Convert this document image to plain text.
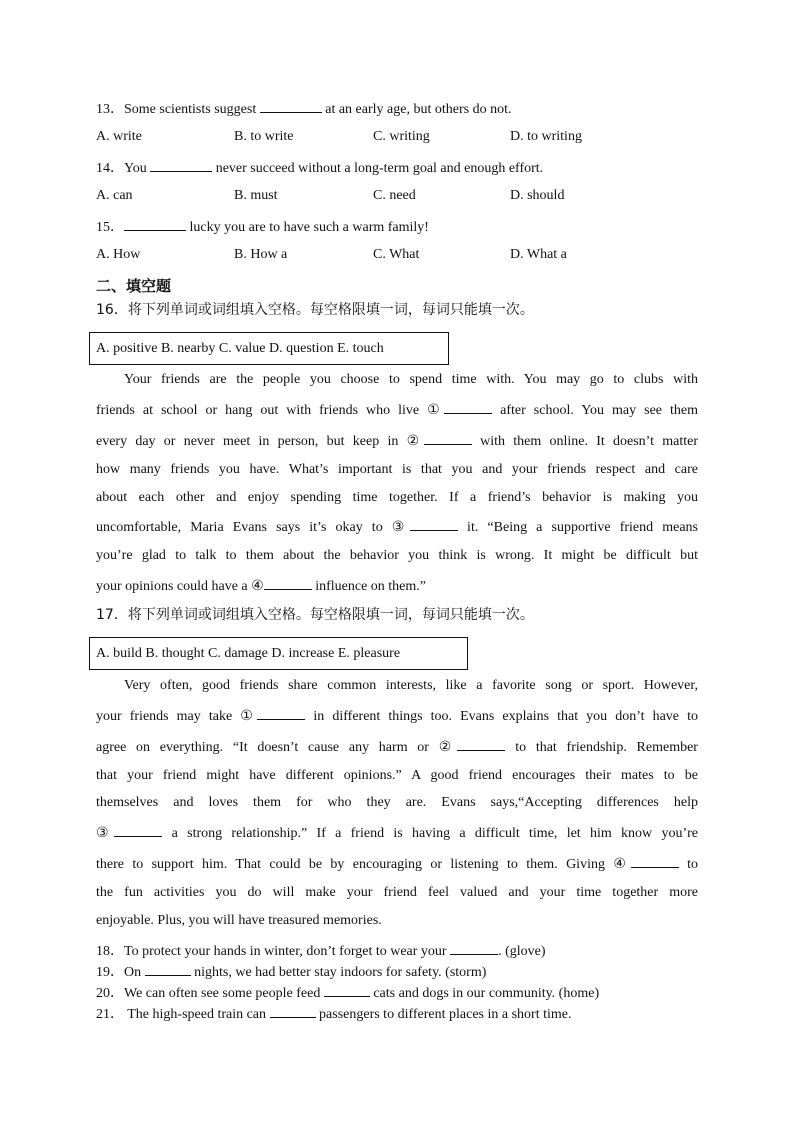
13．Some scientists suggest	at an early age, but others do not.
A. write	B. to write	C. writing	D. to writing
14．You	never succeed without a long-term goal and enough effort.
A. can	B. must	C. need	D. should
15．	lucky you are to have such a warm family!
A. How	B. How a	C. What	D. What a
二、填空题
16．将下列单词或词组填入空格。每空格限填一词，每词只能填一次。
A. positive B. nearby C. value D. question E. touch
Your friends are the people you choose to spend time with. You may go to clubs with
friends at school or hang out with friends who live ①	after school. You may see them
every day or never meet in person, but keep in ②	with them online. It doesn’t matter
how many friends you have. What’s important is that you and your friends respect and care
about each other and enjoy spending time together. If a friend’s behavior is making you
uncomfortable, Maria Evans says it’s okay to ③	it. “Being a supportive friend means
you’re glad to talk to them about the behavior you think is wrong. It might be difficult but
your opinions could have a ④	influence on them.”
17．将下列单词或词组填入空格。每空格限填一词，每词只能填一次。
A. build B. thought C. damage D. increase E. pleasure
Very often, good friends share common interests, like a favorite song or sport. However,
your friends may take ①	in different things too. Evans explains that you don’t have to
agree on everything. “It doesn’t cause any harm or ②	to that friendship. Remember
that your friend might have different opinions.” A good friend encourages their mates to be
themselves and loves them for who they are. Evans says,“Accepting differences help
③	a strong relationship.” If a friend is having a difficult time, let him know you’re
there to support him. That could be by encouraging or listening to them. Giving ④	to
the fun activities you do will make your friend feel valued and your time together more
enjoyable. Plus, you will have treasured memories.
18．To protect your hands in winter, don’t forget to wear your	. (glove)
19．On	nights, we had better stay indoors for safety. (storm)
20．We can often see some people feed	cats and dogs in our community. (home)
21． The high-speed train can	passengers to different places in a short time.
